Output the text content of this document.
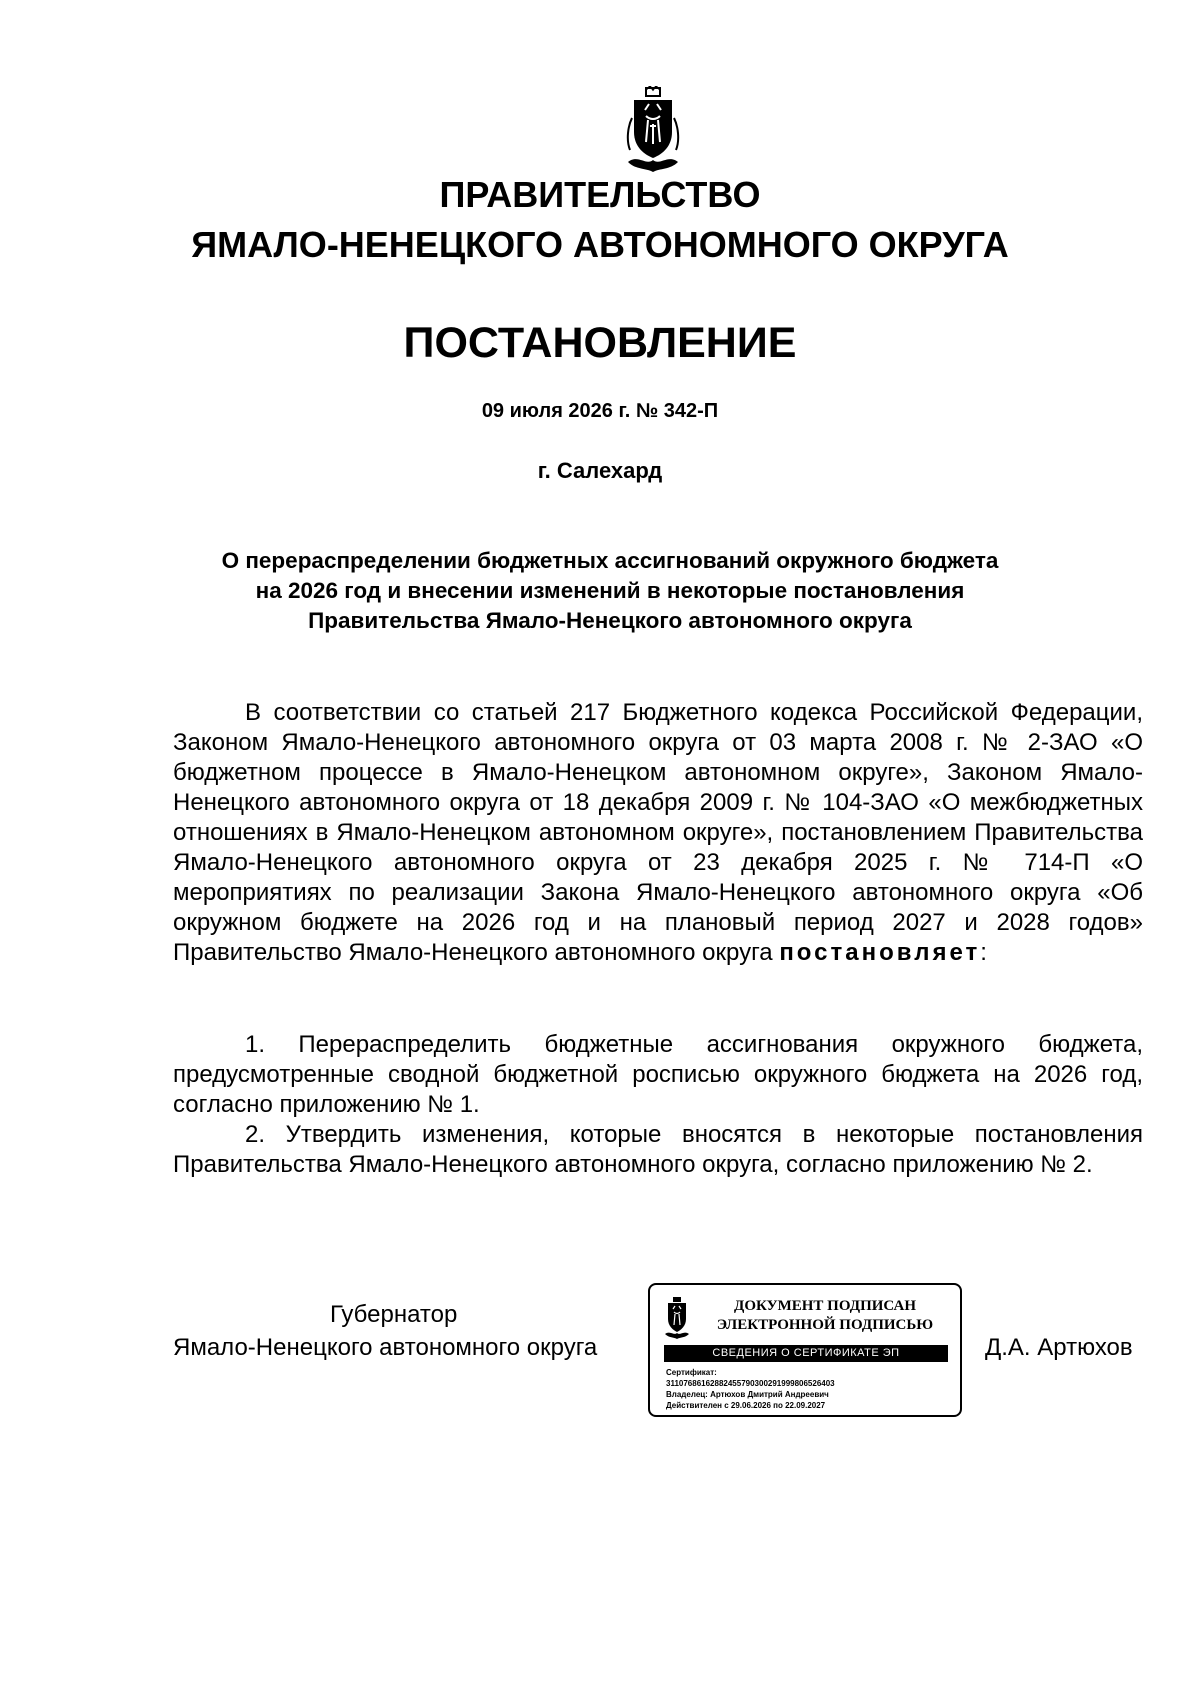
ПРАВИТЕЛЬСТВО
ЯМАЛО-НЕНЕЦКОГО АВТОНОМНОГО ОКРУГА
ПОСТАНОВЛЕНИЕ
09 июля 2026 г. № 342-П
г. Салехард
О перераспределении бюджетных ассигнований окружного бюджета
на 2026 год и внесении изменений в некоторые постановления
Правительства Ямало-Ненецкого автономного округа
В соответствии со статьей 217 Бюджетного кодекса Российской Федерации, Законом Ямало-Ненецкого автономного округа от 03 марта 2008 г. № 2-ЗАО «О бюджетном процессе в Ямало-Ненецком автономном округе», Законом Ямало-Ненецкого автономного округа от 18 декабря 2009 г. № 104-ЗАО «О межбюджетных отношениях в Ямало-Ненецком автономном округе», постановлением Правительства Ямало-Ненецкого автономного округа от 23 декабря 2025 г. № 714-П «О мероприятиях по реализации Закона Ямало-Ненецкого автономного округа «Об окружном бюджете на 2026 год и на плановый период 2027 и 2028 годов» Правительство Ямало-Ненецкого автономного округа постановляет:
1. Перераспределить бюджетные ассигнования окружного бюджета, предусмотренные сводной бюджетной росписью окружного бюджета на 2026 год, согласно приложению № 1.
2. Утвердить изменения, которые вносятся в некоторые постановления Правительства Ямало-Ненецкого автономного округа, согласно приложению № 2.
Губернатор
Ямало-Ненецкого автономного округа	Д.А. Артюхов
ДОКУМЕНТ ПОДПИСАН
ЭЛЕКТРОННОЙ ПОДПИСЬЮ
СВЕДЕНИЯ О СЕРТИФИКАТЕ ЭП
Сертификат:
31107686162882455790300291999806526403
Владелец: Артюхов Дмитрий Андреевич
Действителен с 29.06.2026 по 22.09.2027
